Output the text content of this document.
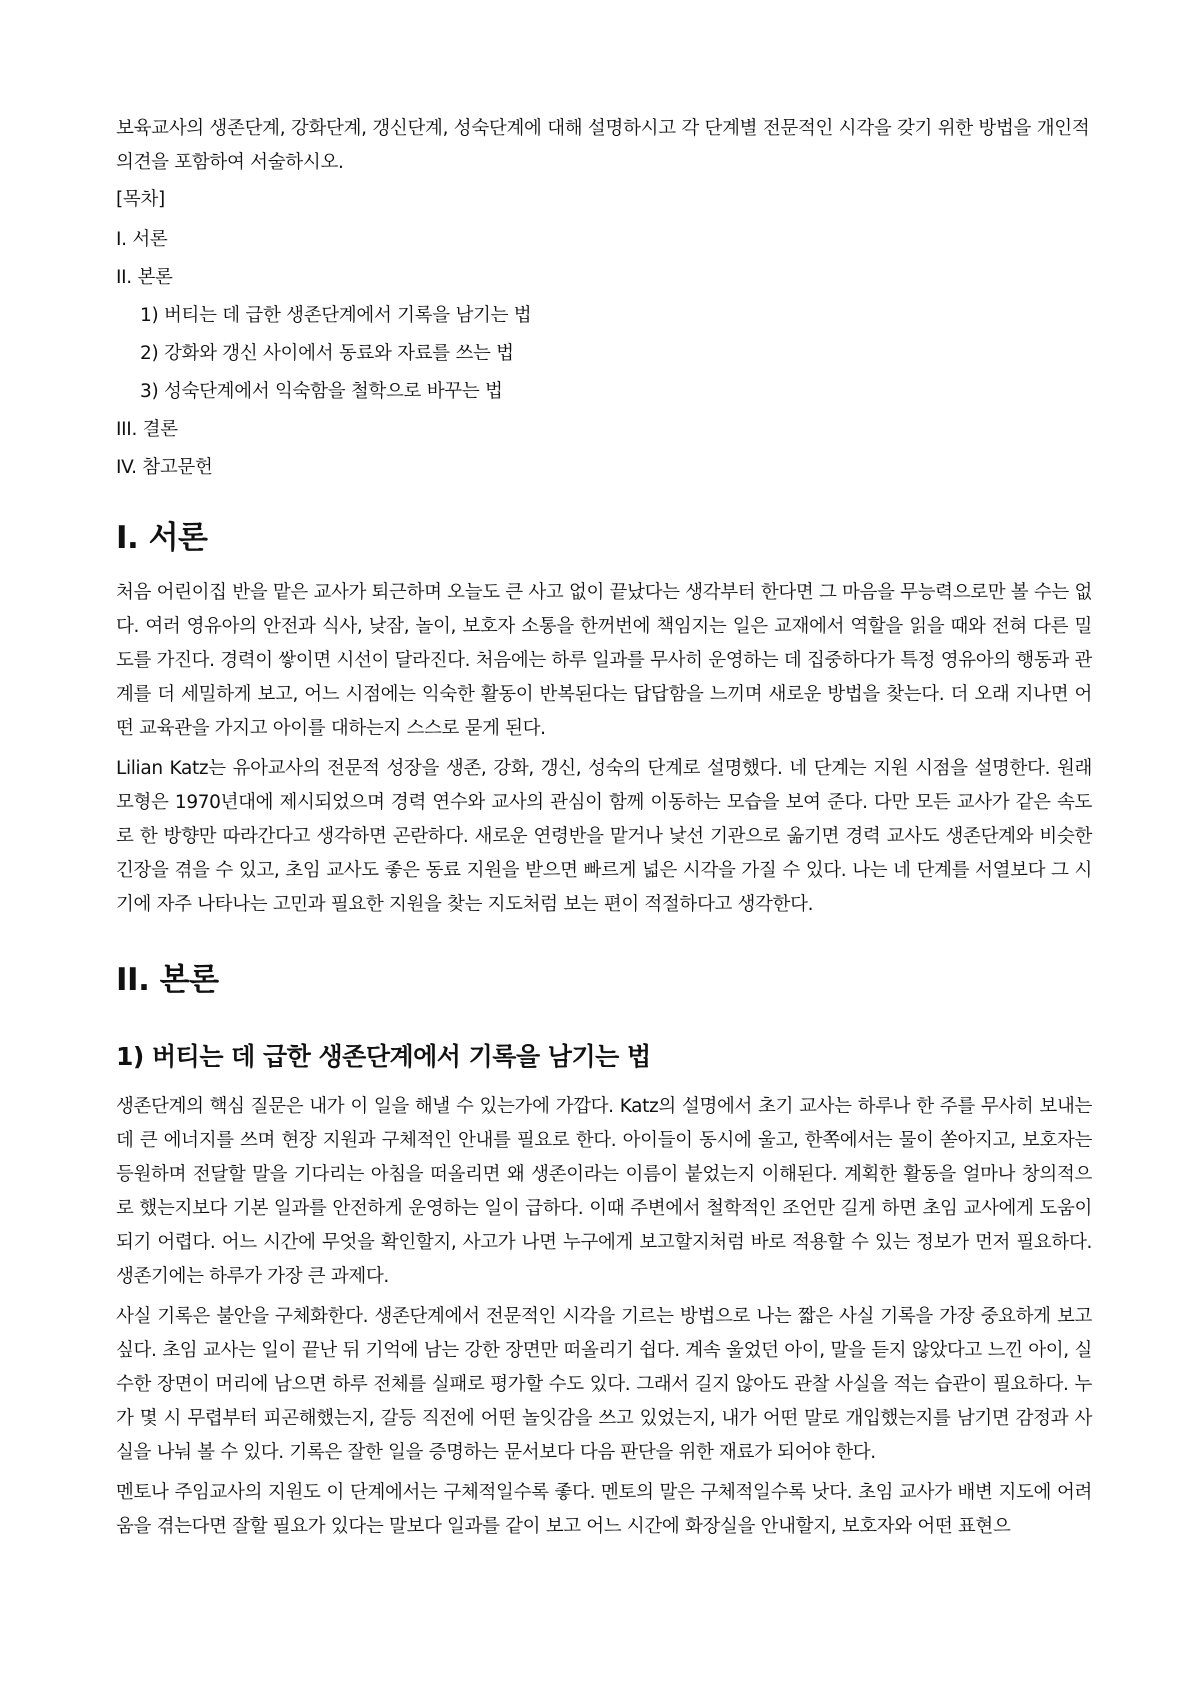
보육교사의 생존단계, 강화단계, 갱신단계, 성숙단계에 대해 설명하시고 각 단계별 전문적인 시각을 갖기 위한 방법을 개인적의견을 포함하여 서술하시오.

[목차]
I. 서론
II. 본론
1) 버티는 데 급한 생존단계에서 기록을 남기는 법
2) 강화와 갱신 사이에서 동료와 자료를 쓰는 법
3) 성숙단계에서 익숙함을 철학으로 바꾸는 법
III. 결론
IV. 참고문헌
I. 서론

처음 어린이집 반을 맡은 교사가 퇴근하며 오늘도 큰 사고 없이 끝났다는 생각부터 한다면 그 마음을 무능력으로만 볼 수는 없다. 여러 영유아의 안전과 식사, 낮잠, 놀이, 보호자 소통을 한꺼번에 책임지는 일은 교재에서 역할을 읽을 때와 전혀 다른 밀도를 가진다. 경력이 쌓이면 시선이 달라진다. 처음에는 하루 일과를 무사히 운영하는 데 집중하다가 특정 영유아의 행동과 관계를 더 세밀하게 보고, 어느 시점에는 익숙한 활동이 반복된다는 답답함을 느끼며 새로운 방법을 찾는다. 더 오래 지나면 어떤 교육관을 가지고 아이를 대하는지 스스로 묻게 된다.

Lilian Katz는 유아교사의 전문적 성장을 생존, 강화, 갱신, 성숙의 단계로 설명했다. 네 단계는 지원 시점을 설명한다. 원래 모형은 1970년대에 제시되었으며 경력 연수와 교사의 관심이 함께 이동하는 모습을 보여 준다. 다만 모든 교사가 같은 속도로 한 방향만 따라간다고 생각하면 곤란하다. 새로운 연령반을 맡거나 낯선 기관으로 옮기면 경력 교사도 생존단계와 비슷한 긴장을 겪을 수 있고, 초임 교사도 좋은 동료 지원을 받으면 빠르게 넓은 시각을 가질 수 있다. 나는 네 단계를 서열보다 그 시기에 자주 나타나는 고민과 필요한 지원을 찾는 지도처럼 보는 편이 적절하다고 생각한다.

II. 본론
1) 버티는 데 급한 생존단계에서 기록을 남기는 법

생존단계의 핵심 질문은 내가 이 일을 해낼 수 있는가에 가깝다. Katz의 설명에서 초기 교사는 하루나 한 주를 무사히 보내는 데 큰 에너지를 쓰며 현장 지원과 구체적인 안내를 필요로 한다. 아이들이 동시에 울고, 한쪽에서는 물이 쏟아지고, 보호자는 등원하며 전달할 말을 기다리는 아침을 떠올리면 왜 생존이라는 이름이 붙었는지 이해된다. 계획한 활동을 얼마나 창의적으로 했는지보다 기본 일과를 안전하게 운영하는 일이 급하다. 이때 주변에서 철학적인 조언만 길게 하면 초임 교사에게 도움이 되기 어렵다. 어느 시간에 무엇을 확인할지, 사고가 나면 누구에게 보고할지처럼 바로 적용할 수 있는 정보가 먼저 필요하다. 생존기에는 하루가 가장 큰 과제다.

사실 기록은 불안을 구체화한다. 생존단계에서 전문적인 시각을 기르는 방법으로 나는 짧은 사실 기록을 가장 중요하게 보고 싶다. 초임 교사는 일이 끝난 뒤 기억에 남는 강한 장면만 떠올리기 쉽다. 계속 울었던 아이, 말을 듣지 않았다고 느낀 아이, 실수한 장면이 머리에 남으면 하루 전체를 실패로 평가할 수도 있다. 그래서 길지 않아도 관찰 사실을 적는 습관이 필요하다. 누가 몇 시 무렵부터 피곤해했는지, 갈등 직전에 어떤 놀잇감을 쓰고 있었는지, 내가 어떤 말로 개입했는지를 남기면 감정과 사실을 나눠 볼 수 있다. 기록은 잘한 일을 증명하는 문서보다 다음 판단을 위한 재료가 되어야 한다.

멘토나 주임교사의 지원도 이 단계에서는 구체적일수록 좋다. 멘토의 말은 구체적일수록 낫다. 초임 교사가 배변 지도에 어려움을 겪는다면 잘할 필요가 있다는 말보다 일과를 같이 보고 어느 시간에 화장실을 안내할지, 보호자와 어떤 표현으
